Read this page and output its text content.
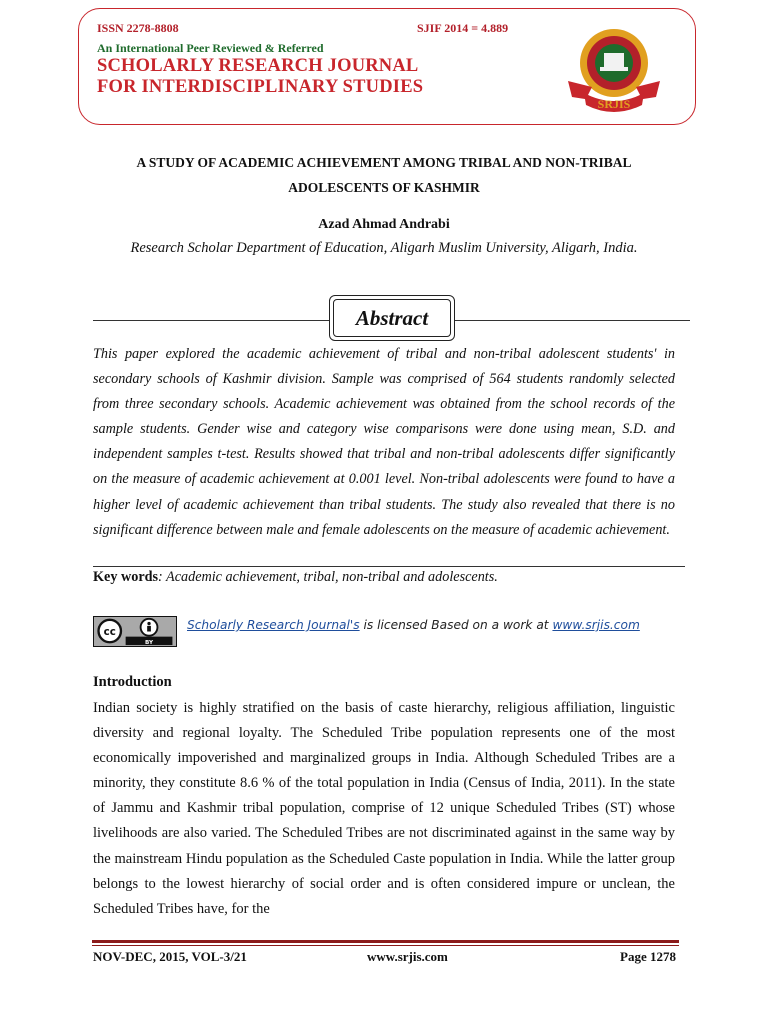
ISSN 2278-8808	SJIF 2014 = 4.889
An International Peer Reviewed & Referred
SCHOLARLY RESEARCH JOURNAL
FOR INTERDISCIPLINARY STUDIES
SRJIS
A STUDY OF ACADEMIC ACHIEVEMENT AMONG TRIBAL AND NON-TRIBAL
ADOLESCENTS OF KASHMIR
Azad Ahmad Andrabi
Research Scholar Department of Education, Aligarh Muslim University, Aligarh, India.
Abstract

This paper explored the academic achievement of tribal and non-tribal adolescent students' in secondary schools of Kashmir division. Sample was comprised of 564 students randomly selected from three secondary schools. Academic achievement was obtained from the school records of the sample students. Gender wise and category wise comparisons were done using mean, S.D. and independent samples t-test. Results showed that tribal and non-tribal adolescents differ significantly on the measure of academic achievement at 0.001 level. Non-tribal adolescents were found to have a higher level of academic achievement than tribal students. The study also revealed that there is no significant difference between male and female adolescents on the measure of academic achievement.

Key words: Academic achievement, tribal, non-tribal and adolescents.
cc
BY
Scholarly Research Journal's is licensed Based on a work at www.srjis.com
Introduction

Indian society is highly stratified on the basis of caste hierarchy, religious affiliation, linguistic diversity and regional loyalty. The Scheduled Tribe population represents one of the most economically impoverished and marginalized groups in India. Although Scheduled Tribes are a minority, they constitute 8.6 % of the total population in India (Census of India, 2011). In the state of Jammu and Kashmir tribal population, comprise of 12 unique Scheduled Tribes (ST) whose livelihoods are also varied. The Scheduled Tribes are not discriminated against in the same way by the mainstream Hindu population as the Scheduled Caste population in India. While the latter group belongs to the lowest hierarchy of social order and is often considered impure or unclean, the Scheduled Tribes have, for the

NOV-DEC, 2015, VOL-3/21	www.srjis.com	Page 1278
